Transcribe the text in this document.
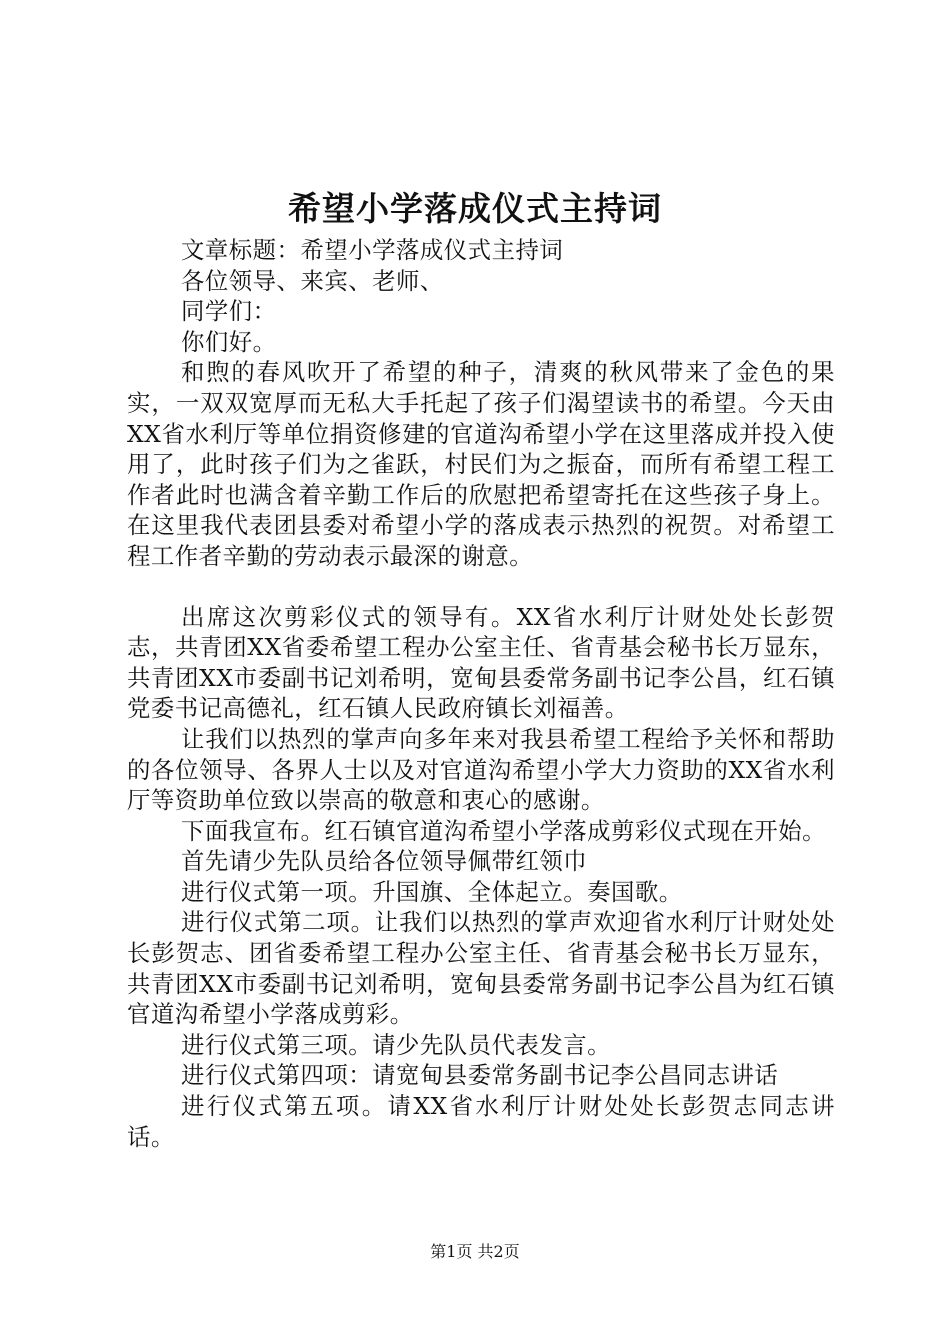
希望小学落成仪式主持词

文章标题：希望小学落成仪式主持词

各位领导、来宾、老师、

同学们：

你们好。

和煦的春风吹开了希望的种子，清爽的秋风带来了金色的果实，一双双宽厚而无私大手托起了孩子们渴望读书的希望。今天由XX省水利厅等单位捐资修建的官道沟希望小学在这里落成并投入使用了，此时孩子们为之雀跃，村民们为之振奋，而所有希望工程工作者此时也满含着辛勤工作后的欣慰把希望寄托在这些孩子身上。在这里我代表团县委对希望小学的落成表示热烈的祝贺。对希望工程工作者辛勤的劳动表示最深的谢意。

出席这次剪彩仪式的领导有。XX省水利厅计财处处长彭贺志，共青团XX省委希望工程办公室主任、省青基会秘书长万显东，共青团XX市委副书记刘希明，宽甸县委常务副书记李公昌，红石镇党委书记高德礼，红石镇人民政府镇长刘福善。

让我们以热烈的掌声向多年来对我县希望工程给予关怀和帮助的各位领导、各界人士以及对官道沟希望小学大力资助的XX省水利厅等资助单位致以崇高的敬意和衷心的感谢。

下面我宣布。红石镇官道沟希望小学落成剪彩仪式现在开始。

首先请少先队员给各位领导佩带红领巾

进行仪式第一项。升国旗、全体起立。奏国歌。

进行仪式第二项。让我们以热烈的掌声欢迎省水利厅计财处处长彭贺志、团省委希望工程办公室主任、省青基会秘书长万显东，共青团XX市委副书记刘希明，宽甸县委常务副书记李公昌为红石镇官道沟希望小学落成剪彩。

进行仪式第三项。请少先队员代表发言。

进行仪式第四项：请宽甸县委常务副书记李公昌同志讲话

进行仪式第五项。请XX省水利厅计财处处长彭贺志同志讲话。

第1页 共2页
